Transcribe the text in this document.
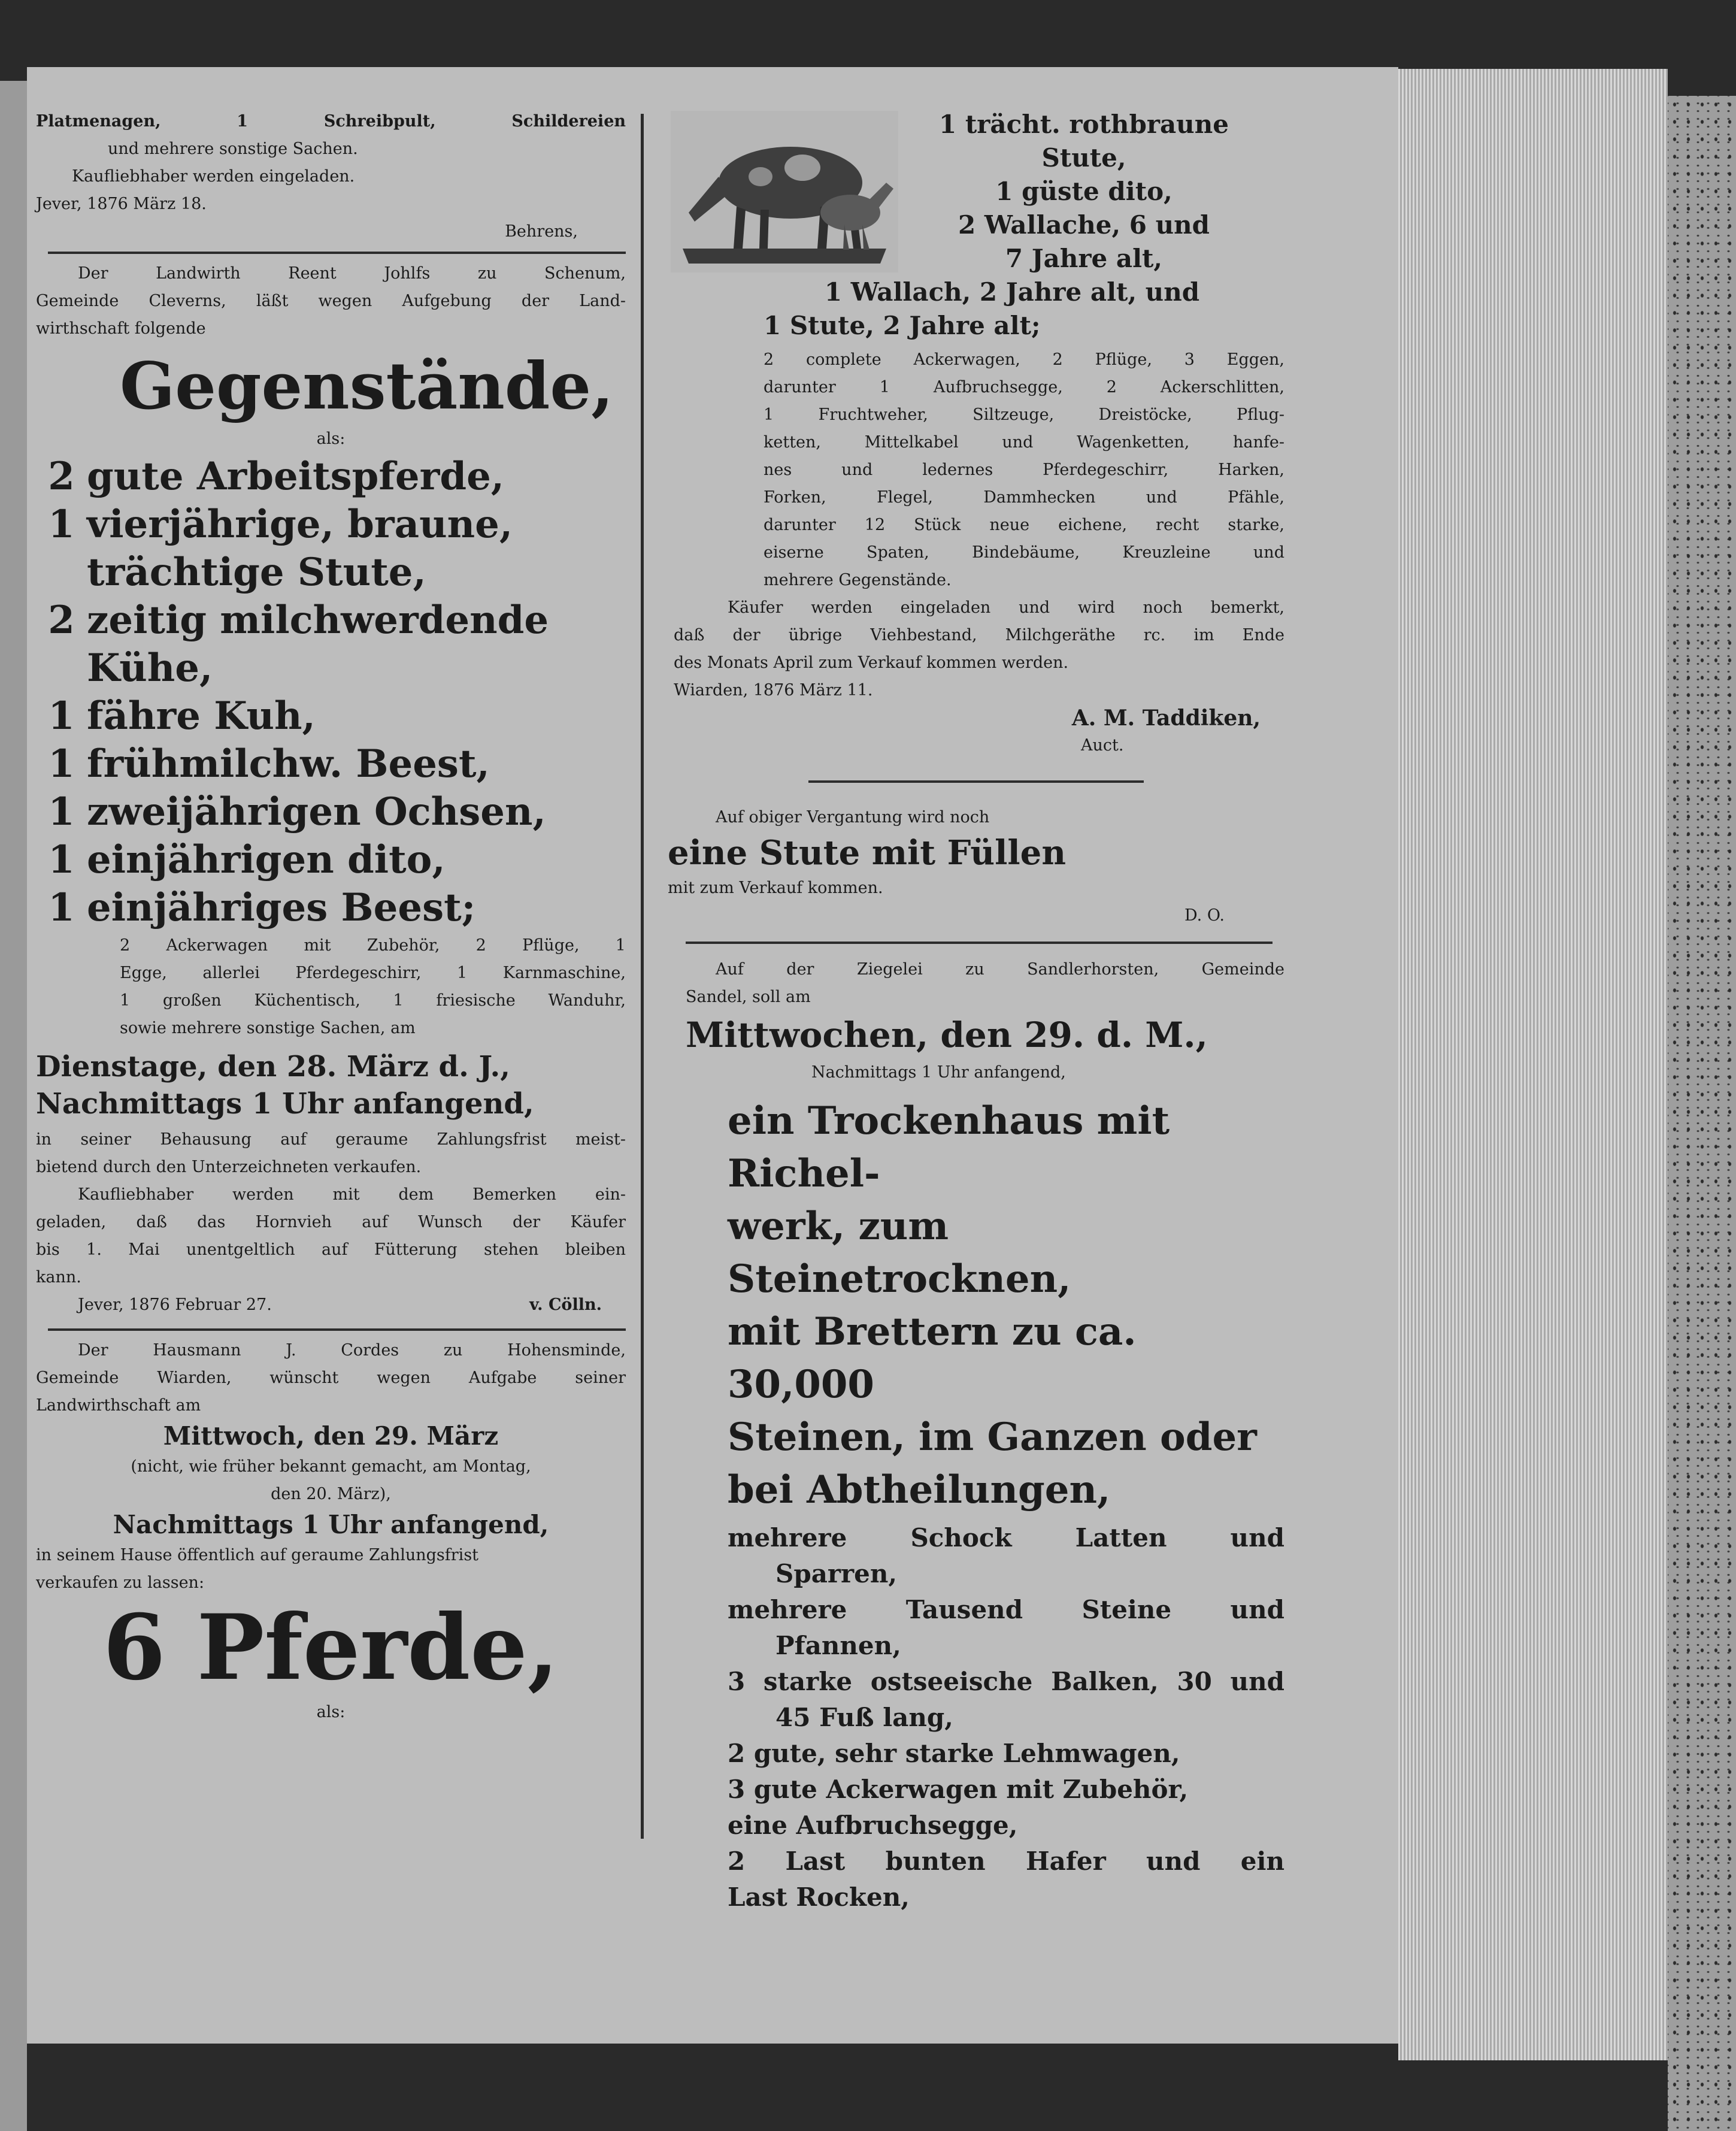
Platmenagen, 1 Schreibpult, Schildereien
und mehrere sonstige Sachen.
Kaufliebhaber werden eingeladen.
Jever, 1876 März 18.
Behrens,
Der Landwirth Reent Johlfs zu Schenum,
Gemeinde Cleverns, läßt wegen Aufgebung der Land-
wirthschaft folgende
Gegenstände,
als:
2 gute Arbeitspferde,
1 vierjährige, braune,
trächtige Stute,
2 zeitig milchwerdende
Kühe,
1 fähre Kuh,
1 frühmilchw. Beest,
1 zweijährigen Ochsen,
1 einjährigen dito,
1 einjähriges Beest;
2 Ackerwagen mit Zubehör, 2 Pflüge, 1
Egge, allerlei Pferdegeschirr, 1 Karnmaschine,
1 großen Küchentisch, 1 friesische Wanduhr,
sowie mehrere sonstige Sachen, am
Dienstage, den 28. März d. J.,
Nachmittags 1 Uhr anfangend,
in seiner Behausung auf geraume Zahlungsfrist meist-
bietend durch den Unterzeichneten verkaufen.
Kaufliebhaber werden mit dem Bemerken ein-
geladen, daß das Hornvieh auf Wunsch der Käufer
bis 1. Mai unentgeltlich auf Fütterung stehen bleiben
kann.
Jever, 1876 Februar 27.	v. Cölln.
Der Hausmann J. Cordes zu Hohensminde,
Gemeinde Wiarden, wünscht wegen Aufgabe seiner
Landwirthschaft am
Mittwoch, den 29. März
(nicht, wie früher bekannt gemacht, am Montag,
den 20. März),
Nachmittags 1 Uhr anfangend,
in seinem Hause öffentlich auf geraume Zahlungsfrist
verkaufen zu lassen:
6 Pferde,
als:
1 trächt. rothbraune
Stute,
1 güste dito,
2 Wallache, 6 und
7 Jahre alt,
1 Wallach, 2 Jahre alt, und
1 Stute, 2 Jahre alt;
2 complete Ackerwagen, 2 Pflüge, 3 Eggen,
darunter 1 Aufbruchsegge, 2 Ackerschlitten,
1 Fruchtweher, Siltzeuge, Dreistöcke, Pflug-
ketten, Mittelkabel und Wagenketten, hanfe-
nes und ledernes Pferdegeschirr, Harken,
Forken, Flegel, Dammhecken und Pfähle,
darunter 12 Stück neue eichene, recht starke,
eiserne Spaten, Bindebäume, Kreuzleine und
mehrere Gegenstände.
Käufer werden eingeladen und wird noch bemerkt,
daß der übrige Viehbestand, Milchgeräthe rc. im Ende
des Monats April zum Verkauf kommen werden.
Wiarden, 1876 März 11.
A. M. Taddiken,
Auct.
Auf obiger Vergantung wird noch
eine Stute mit Füllen
mit zum Verkauf kommen.
D. O.
Auf der Ziegelei zu Sandlerhorsten, Gemeinde
Sandel, soll am
Mittwochen, den 29. d. M.,
Nachmittags 1 Uhr anfangend,
ein Trockenhaus mit Richel-
werk, zum Steinetrocknen,
mit Brettern zu ca. 30,000
Steinen, im Ganzen oder
bei Abtheilungen,
mehrere Schock Latten und
Sparren,
mehrere Tausend Steine und
Pfannen,
3 starke ostseeische Balken, 30 und
45 Fuß lang,
2 gute, sehr starke Lehmwagen,
3 gute Ackerwagen mit Zubehör,
eine Aufbruchsegge,
2 Last bunten Hafer und ein
Last Rocken,
